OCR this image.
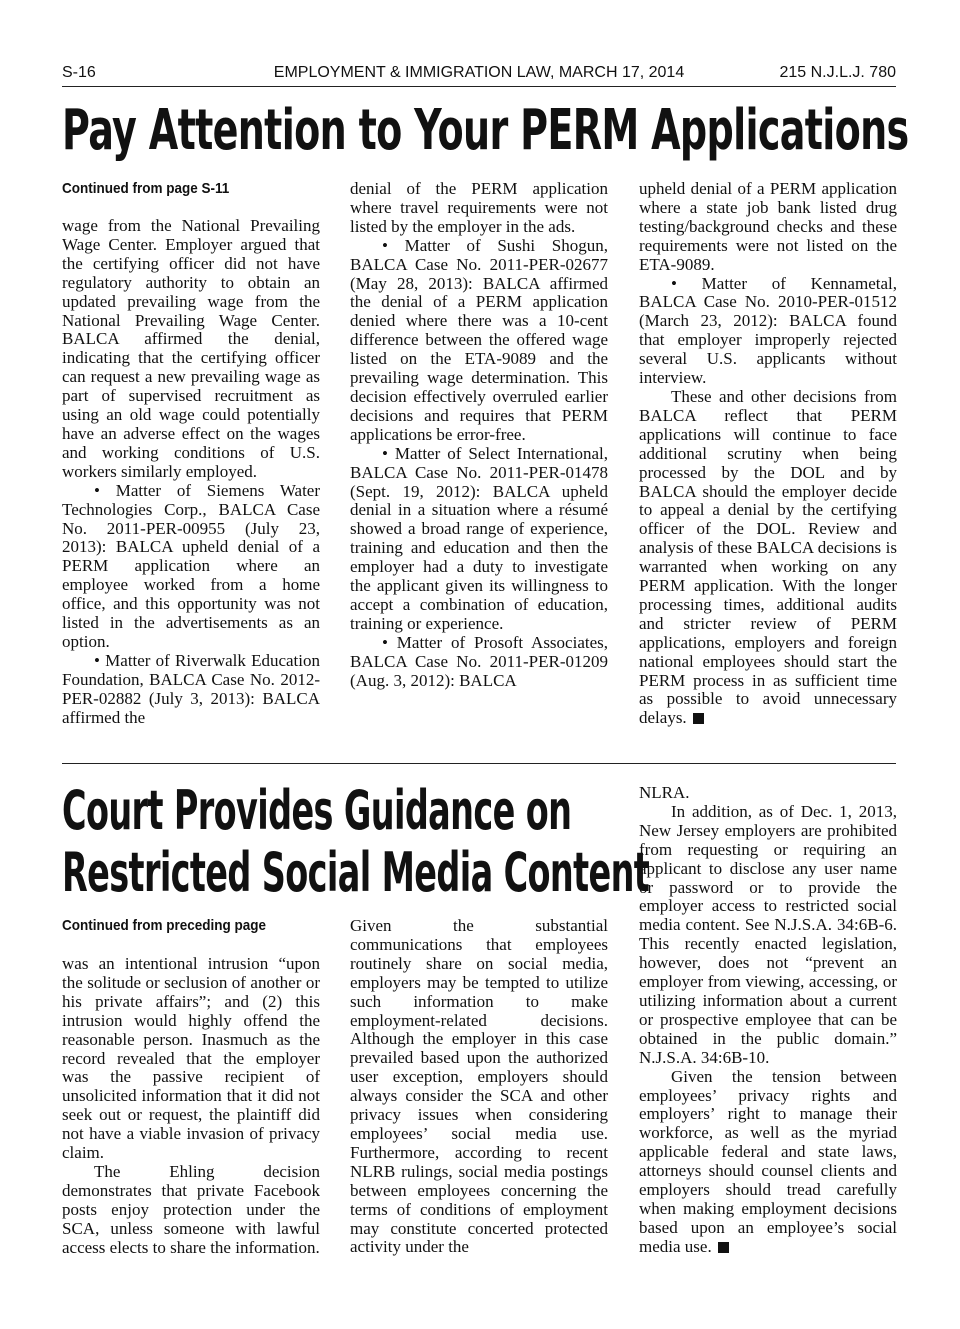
S-16	EMPLOYMENT & IMMIGRATION LAW, MARCH 17, 2014	215 N.J.L.J. 780
Pay Attention to Your PERM Applications
Continued from page S-11

wage from the National Prevailing Wage Center. Employer argued that the certifying officer did not have regulatory authority to obtain an updated prevailing wage from the National Prevailing Wage Center. BALCA affirmed the denial, indicating that the certifying officer can request a new prevailing wage as part of supervised recruitment as using an old wage could potentially have an adverse effect on the wages and working conditions of U.S. workers similarly employed.

• Matter of Siemens Water Technologies Corp., BALCA Case No. 2011-PER-00955 (July 23, 2013): BALCA upheld denial of a PERM application where an employee worked from a home office, and this opportunity was not listed in the advertisements as an option.

• Matter of Riverwalk Education Foundation, BALCA Case No. 2012-PER-02882 (July 3, 2013): BALCA affirmed the

denial of the PERM application where travel requirements were not listed by the employer in the ads.

• Matter of Sushi Shogun, BALCA Case No. 2011-PER-02677 (May 28, 2013): BALCA affirmed the denial of a PERM application denied where there was a 10-cent difference between the offered wage listed on the ETA-9089 and the prevailing wage determination. This decision effectively overruled earlier decisions and requires that PERM applications be error-free.

• Matter of Select International, BALCA Case No. 2011-PER-01478 (Sept. 19, 2012): BALCA upheld denial in a situation where a résumé showed a broad range of experience, training and education and then the employer had a duty to investigate the applicant given its willingness to accept a combination of education, training or experience.

• Matter of Prosoft Associates, BALCA Case No. 2011-PER-01209 (Aug. 3, 2012): BALCA

upheld denial of a PERM application where a state job bank listed drug testing/background checks and these requirements were not listed on the ETA-9089.

• Matter of Kennametal, BALCA Case No. 2010-PER-01512 (March 23, 2012): BALCA found that employer improperly rejected several U.S. applicants without interview.

These and other decisions from BALCA reflect that PERM applications will continue to face additional scrutiny when being processed by the DOL and by BALCA should the employer decide to appeal a denial by the certifying officer of the DOL. Review and analysis of these BALCA decisions is warranted when working on any PERM application. With the longer processing times, additional audits and stricter review of PERM applications, employers and foreign national employees should start the PERM process in as sufficient time as possible to avoid unnecessary delays.

Court Provides Guidance on
Restricted Social Media Content
Continued from preceding page

was an intentional intrusion “upon the solitude or seclusion of another or his private affairs”; and (2) this intrusion would highly offend the reasonable person. Inasmuch as the record revealed that the employer was the passive recipient of unsolicited information that it did not seek out or request, the plaintiff did not have a viable invasion of privacy claim.

The Ehling decision demonstrates that private Facebook posts enjoy protection under the SCA, unless someone with lawful access elects to share the information.

Given the substantial communications that employees routinely share on social media, employers may be tempted to utilize such information to make employment-related decisions. Although the employer in this case prevailed based upon the authorized user exception, employers should always consider the SCA and other privacy issues when considering employees’ social media use. Furthermore, according to recent NLRB rulings, social media postings between employees concerning the terms of conditions of employment may constitute concerted protected activity under the

NLRA.

In addition, as of Dec. 1, 2013, New Jersey employers are prohibited from requesting or requiring an applicant to disclose any user name or password or to provide the employer access to restricted social media content. See N.J.S.A. 34:6B-6. This recently enacted legislation, however, does not “prevent an employer from viewing, accessing, or utilizing information about a current or prospective employee that can be obtained in the public domain.” N.J.S.A. 34:6B-10.

Given the tension between employees’ privacy rights and employers’ right to manage their workforce, as well as the myriad applicable federal and state laws, attorneys should counsel clients and employers should tread carefully when making employment decisions based upon an employee’s social media use.
